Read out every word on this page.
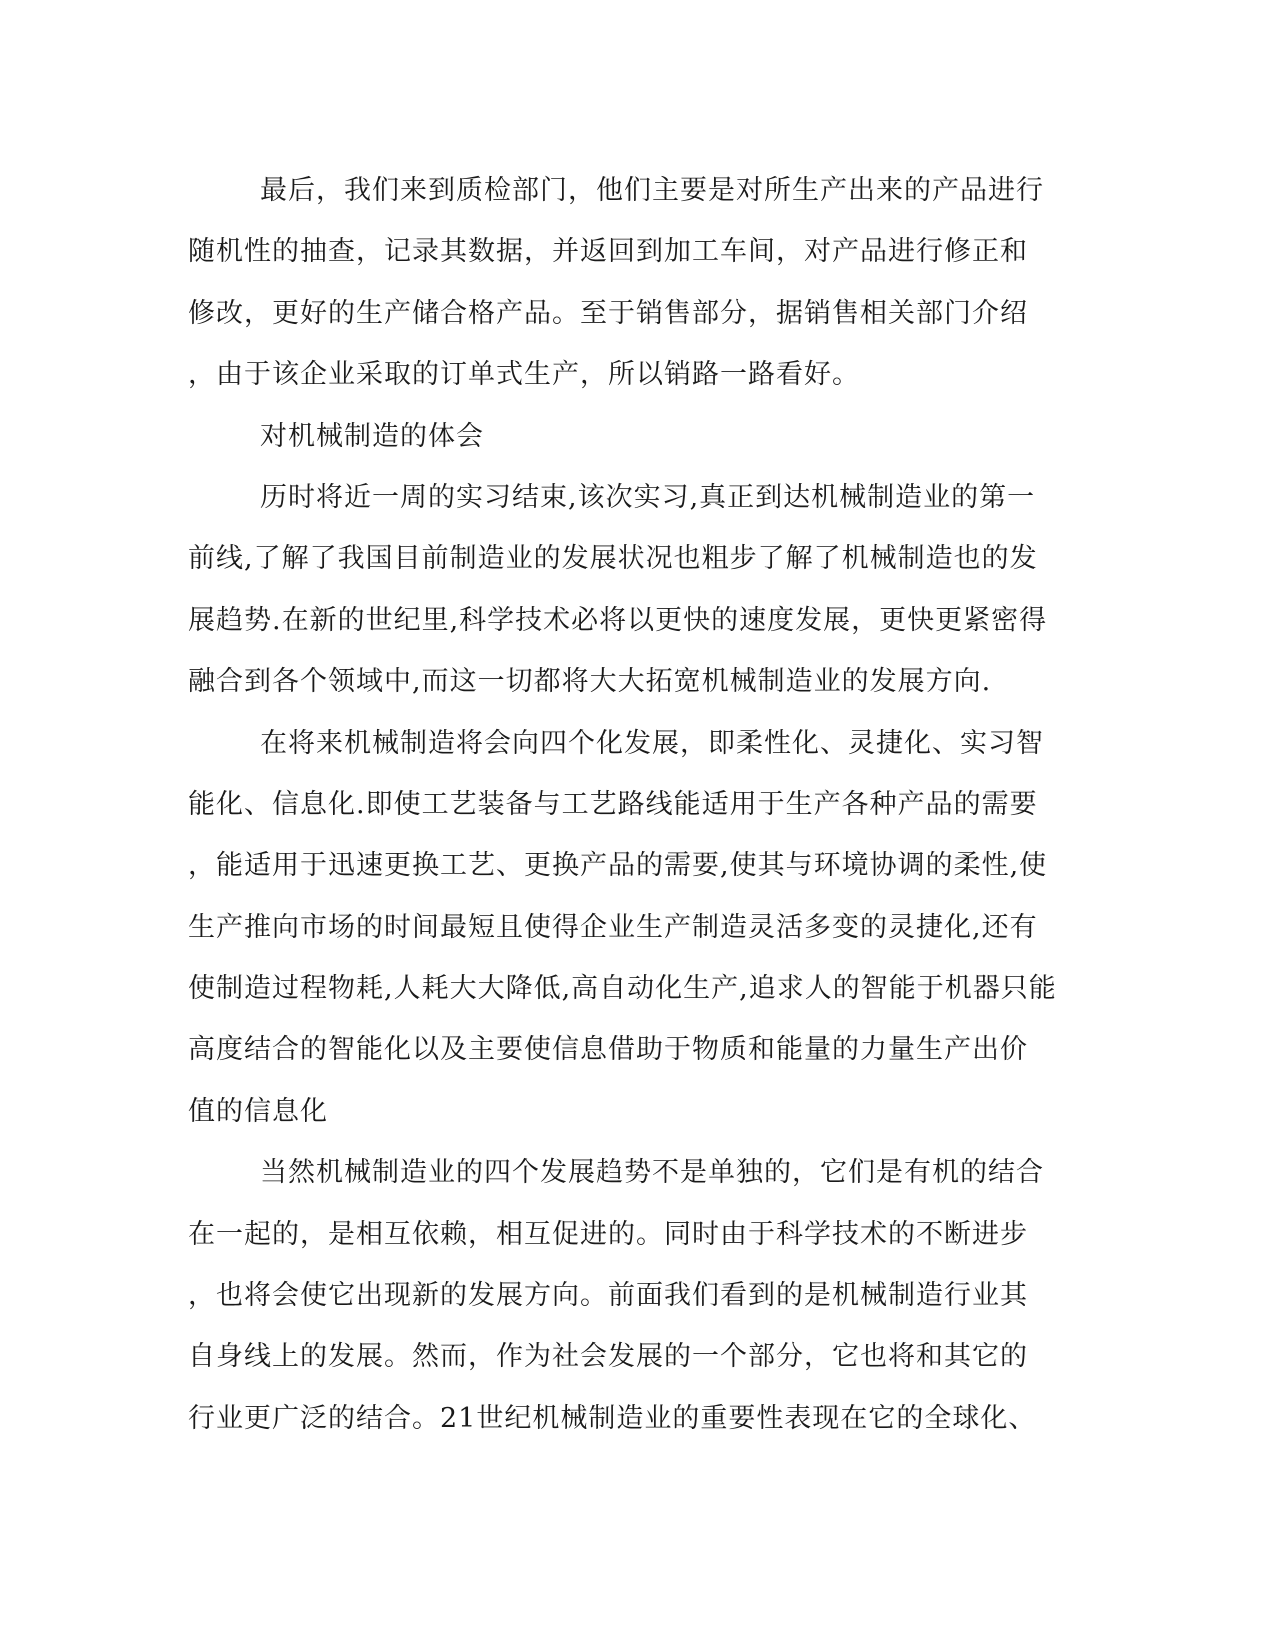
最后，我们来到质检部门，他们主要是对所生产出来的产品进行
随机性的抽查，记录其数据，并返回到加工车间，对产品进行修正和
修改，更好的生产储合格产品。至于销售部分，据销售相关部门介绍
，由于该企业采取的订单式生产，所以销路一路看好。
对机械制造的体会
历时将近一周的实习结束,该次实习,真正到达机械制造业的第一
前线,了解了我国目前制造业的发展状况也粗步了解了机械制造也的发
展趋势.在新的世纪里,科学技术必将以更快的速度发展，更快更紧密得
融合到各个领域中,而这一切都将大大拓宽机械制造业的发展方向.
在将来机械制造将会向四个化发展，即柔性化、灵捷化、实习智
能化、信息化.即使工艺装备与工艺路线能适用于生产各种产品的需要
，能适用于迅速更换工艺、更换产品的需要,使其与环境协调的柔性,使
生产推向市场的时间最短且使得企业生产制造灵活多变的灵捷化,还有
使制造过程物耗,人耗大大降低,高自动化生产,追求人的智能于机器只能
高度结合的智能化以及主要使信息借助于物质和能量的力量生产出价
值的信息化
当然机械制造业的四个发展趋势不是单独的，它们是有机的结合
在一起的，是相互依赖，相互促进的。同时由于科学技术的不断进步
，也将会使它出现新的发展方向。前面我们看到的是机械制造行业其
自身线上的发展。然而，作为社会发展的一个部分，它也将和其它的
行业更广泛的结合。21世纪机械制造业的重要性表现在它的全球化、
